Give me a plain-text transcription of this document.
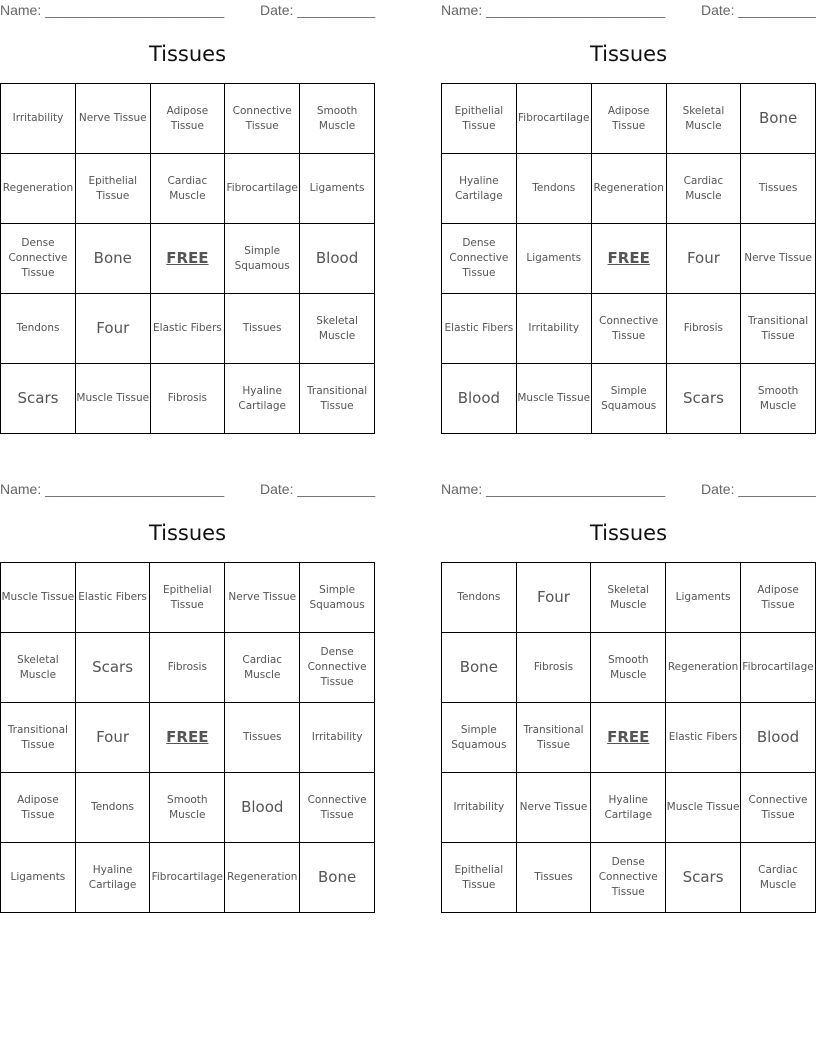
Name: _______________________	Date: __________
Tissues
Irritability	Nerve Tissue	Adipose Tissue	Connective Tissue	Smooth Muscle
Regeneration	Epithelial Tissue	Cardiac Muscle	Fibrocartilage	Ligaments
Dense Connective Tissue	Bone	FREE	Simple Squamous	Blood
Tendons	Four	Elastic Fibers	Tissues	Skeletal Muscle
Scars	Muscle Tissue	Fibrosis	Hyaline Cartilage	Transitional Tissue
Name: _______________________	Date: __________
Tissues
Epithelial Tissue	Fibrocartilage	Adipose Tissue	Skeletal Muscle	Bone
Hyaline Cartilage	Tendons	Regeneration	Cardiac Muscle	Tissues
Dense Connective Tissue	Ligaments	FREE	Four	Nerve Tissue
Elastic Fibers	Irritability	Connective Tissue	Fibrosis	Transitional Tissue
Blood	Muscle Tissue	Simple Squamous	Scars	Smooth Muscle
Name: _______________________	Date: __________
Tissues
Muscle Tissue	Elastic Fibers	Epithelial Tissue	Nerve Tissue	Simple Squamous
Skeletal Muscle	Scars	Fibrosis	Cardiac Muscle	Dense Connective Tissue
Transitional Tissue	Four	FREE	Tissues	Irritability
Adipose Tissue	Tendons	Smooth Muscle	Blood	Connective Tissue
Ligaments	Hyaline Cartilage	Fibrocartilage	Regeneration	Bone
Name: _______________________	Date: __________
Tissues
Tendons	Four	Skeletal Muscle	Ligaments	Adipose Tissue
Bone	Fibrosis	Smooth Muscle	Regeneration	Fibrocartilage
Simple Squamous	Transitional Tissue	FREE	Elastic Fibers	Blood
Irritability	Nerve Tissue	Hyaline Cartilage	Muscle Tissue	Connective Tissue
Epithelial Tissue	Tissues	Dense Connective Tissue	Scars	Cardiac Muscle
